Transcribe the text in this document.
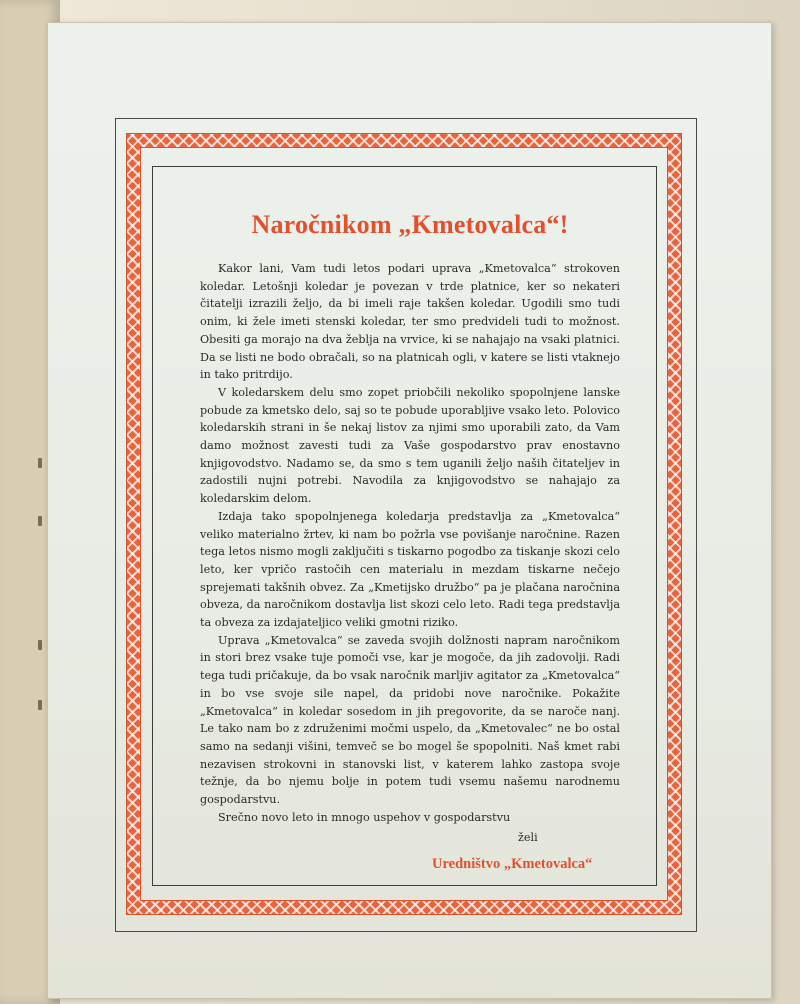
Naročnikom „Kmetovalca“!

Kakor lani, Vam tudi letos podari uprava „Kmetovalca“ strokoven koledar. Letošnji koledar je povezan v trde platnice, ker so nekateri čitatelji izrazili željo, da bi imeli raje takšen koledar. Ugodili smo tudi onim, ki žele imeti stenski koledar, ter smo predvideli tudi to možnost. Obesiti ga morajo na dva žeblja na vrvice, ki se nahajajo na vsaki platnici. Da se listi ne bodo obračali, so na platnicah ogli, v katere se listi vtaknejo in tako pritrdijo.

V koledarskem delu smo zopet priobčili nekoliko spopolnjene lanske pobude za kmetsko delo, saj so te pobude uporabljive vsako leto. Polovico koledarskih strani in še nekaj listov za njimi smo uporabili zato, da Vam damo možnost zavesti tudi za Vaše gospodarstvo prav enostavno knjigovodstvo. Nadamo se, da smo s tem uganili željo naših čitateljev in zadostili nujni potrebi. Navodila za knjigovodstvo se nahajajo za koledarskim delom.

Izdaja tako spopolnjenega koledarja predstavlja za „Kmetovalca“ veliko materialno žrtev, ki nam bo požrla vse povišanje naročnine. Razen tega letos nismo mogli zaključiti s tiskarno pogodbo za tiskanje skozi celo leto, ker vpričo rastočih cen materialu in mezdam tiskarne nečejo sprejemati takšnih obvez. Za „Kmetijsko družbo“ pa je plačana naročnina obveza, da naročnikom dostavlja list skozi celo leto. Radi tega predstavlja ta obveza za izdajateljico veliki gmotni riziko.

Uprava „Kmetovalca“ se zaveda svojih dolžnosti napram naročnikom in stori brez vsake tuje pomoči vse, kar je mogoče, da jih zadovolji. Radi tega tudi pričakuje, da bo vsak naročnik marljiv agitator za „Kmetovalca“ in bo vse svoje sile napel, da pridobi nove naročnike. Pokažite „Kmetovalca“ in koledar sosedom in jih pregovorite, da se naroče nanj. Le tako nam bo z združenimi močmi uspelo, da „Kmetovalec“ ne bo ostal samo na sedanji višini, temveč se bo mogel še spopolniti. Naš kmet rabi nezavisen strokovni in stanovski list, v katerem lahko zastopa svoje težnje, da bo njemu bolje in potem tudi vsemu našemu narodnemu gospodarstvu.

Srečno novo leto in mnogo uspehov v gospodarstvu

želi
Uredništvo „Kmetovalca“
